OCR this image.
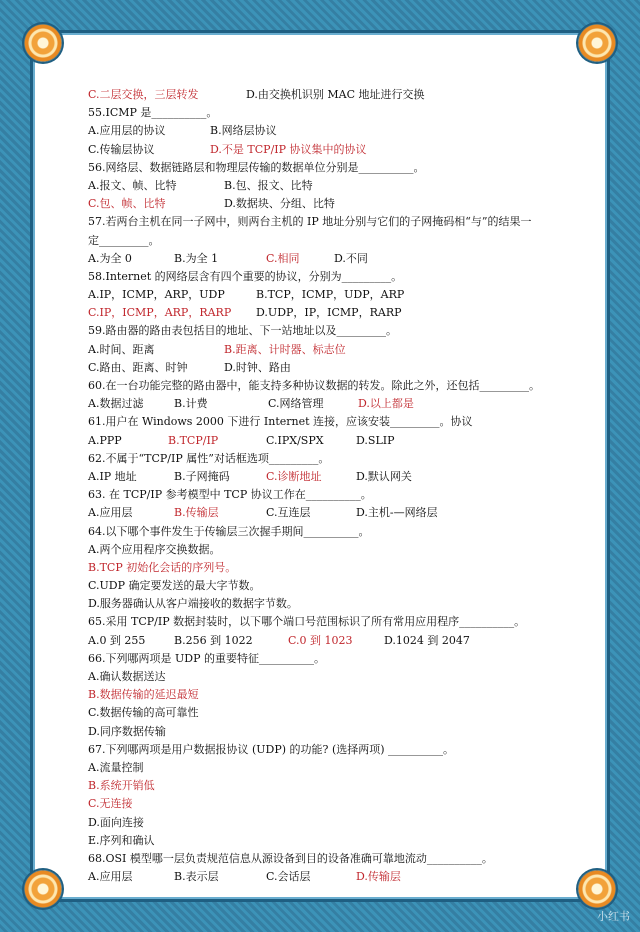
C.二层交换，三层转发	D.由交换机识别 MAC 地址进行交换
55.ICMP 是__________。
A.应用层的协议	B.网络层协议
C.传输层协议	D.不是 TCP/IP 协议集中的协议
56.网络层、数据链路层和物理层传输的数据单位分别是__________。
A.报文、帧、比特	B.包、报文、比特
C.包、帧、比特	D.数据块、分组、比特
57.若两台主机在同一子网中，则两台主机的 IP 地址分别与它们的子网掩码相“与”的结果一
定_________。
A.为全 0	B.为全 1	C.相同	D.不同
58.Internet 的网络层含有四个重要的协议，分别为_________。
A.IP，ICMP，ARP，UDP	B.TCP，ICMP，UDP，ARP
C.IP，ICMP，ARP，RARP D.UDP，IP，ICMP，RARP
59.路由器的路由表包括目的地址、下一站地址以及_________。
A.时间、距离	B.距离、计时器、标志位
C.路由、距离、时钟	D.时钟、路由
60.在一台功能完整的路由器中，能支持多种协议数据的转发。除此之外，还包括_________。
A.数据过滤	B.计费	C.网络管理	D.以上都是
61.用户在 Windows 2000 下进行 Internet 连接，应该安装_________。协议
A.PPP	B.TCP/IP	C.IPX/SPX	D.SLIP
62.不属于“TCP/IP 属性”对话框选项_________。
A.IP 地址	B.子网掩码	C.诊断地址	D.默认网关
63. 在 TCP/IP 参考模型中 TCP 协议工作在__________。
A.应用层	B.传输层	C.互连层	D.主机-—网络层
64.以下哪个事件发生于传输层三次握手期间__________。
A.两个应用程序交换数据。
B.TCP 初始化会话的序列号。
C.UDP 确定要发送的最大字节数。
D.服务器确认从客户端接收的数据字节数。
65.采用 TCP/IP 数据封装时，以下哪个端口号范围标识了所有常用应用程序__________。
A.0 到 255	B.256 到 1022	C.0 到 1023	D.1024 到 2047
66.下列哪两项是 UDP 的重要特征__________。
A.确认数据送达
B.数据传输的延迟最短
C.数据传输的高可靠性
D.同序数据传输
67.下列哪两项是用户数据报协议 (UDP) 的功能? (选择两项) __________。
A.流量控制
B.系统开销低
C.无连接
D.面向连接
E.序列和确认
68.OSI 模型哪一层负责规范信息从源设备到目的设备准确可靠地流动__________。
A.应用层	B.表示层	C.会话层	D.传输层
小红书
